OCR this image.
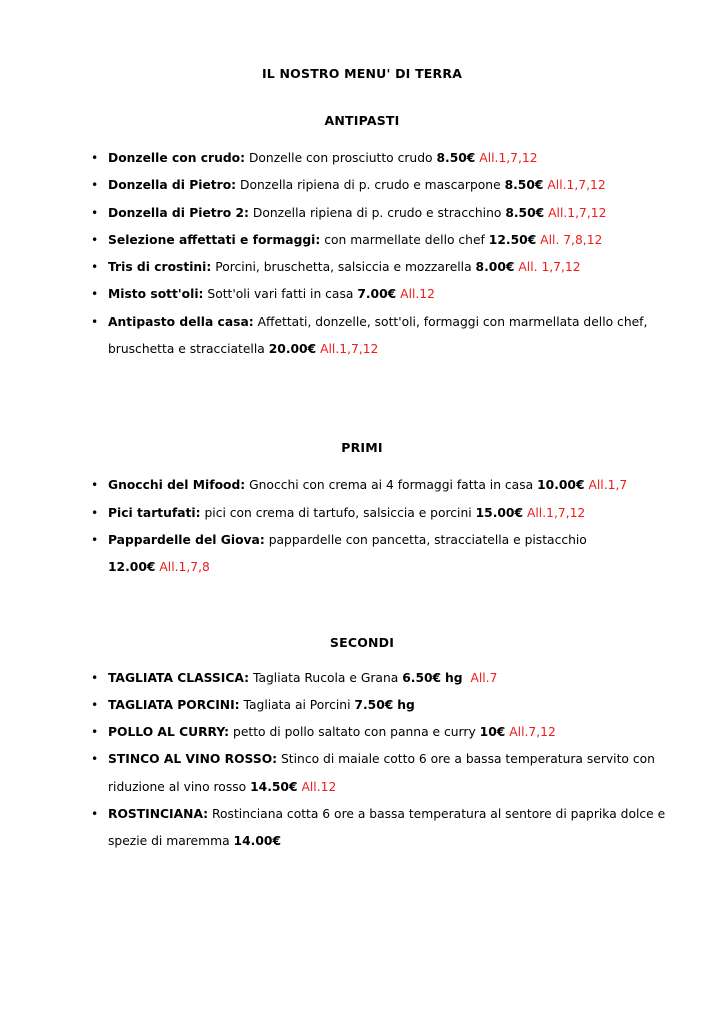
IL NOSTRO MENU' DI TERRA
ANTIPASTI
• Donzelle con crudo: Donzelle con prosciutto crudo 8.50€ All.1,7,12
• Donzella di Pietro: Donzella ripiena di p. crudo e mascarpone 8.50€ All.1,7,12
• Donzella di Pietro 2: Donzella ripiena di p. crudo e stracchino 8.50€ All.1,7,12
• Selezione affettati e formaggi: con marmellate dello chef 12.50€ All. 7,8,12
• Tris di crostini: Porcini, bruschetta, salsiccia e mozzarella 8.00€ All. 1,7,12
• Misto sott'oli: Sott'oli vari fatti in casa 7.00€ All.12
• Antipasto della casa: Affettati, donzelle, sott'oli, formaggi con marmellata dello chef, bruschetta e stracciatella 20.00€ All.1,7,12
PRIMI
• Gnocchi del Mifood: Gnocchi con crema ai 4 formaggi fatta in casa 10.00€ All.1,7
• Pici tartufati: pici con crema di tartufo, salsiccia e porcini 15.00€ All.1,7,12
• Pappardelle del Giova: pappardelle con pancetta, stracciatella e pistacchio 12.00€ All.1,7,8
SECONDI
• TAGLIATA CLASSICA: Tagliata Rucola e Grana 6.50€ hg All.7
• TAGLIATA PORCINI: Tagliata ai Porcini 7.50€ hg
• POLLO AL CURRY: petto di pollo saltato con panna e curry 10€ All.7,12
• STINCO AL VINO ROSSO: Stinco di maiale cotto 6 ore a bassa temperatura servito con riduzione al vino rosso 14.50€ All.12
• ROSTINCIANA: Rostinciana cotta 6 ore a bassa temperatura al sentore di paprika dolce e spezie di maremma 14.00€
